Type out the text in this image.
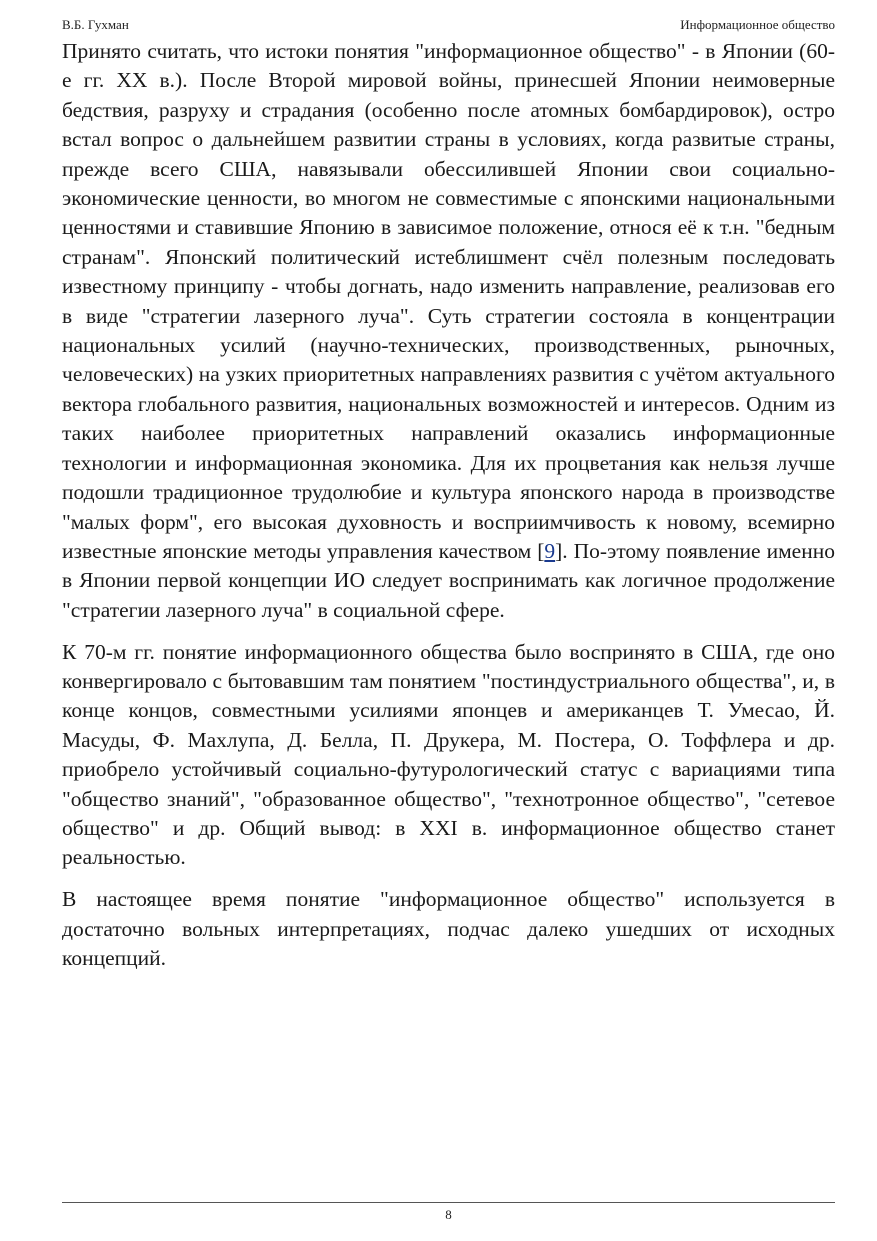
В.Б. Гухман	Информационное общество

Принято считать, что истоки понятия "информационное общество" - в Японии (60-е гг. XX в.). После Второй мировой войны, принесшей Японии неимоверные бедствия, разруху и страдания (особенно после атомных бомбардировок), остро встал вопрос о дальнейшем развитии страны в условиях, когда развитые страны, прежде всего США, навязывали обессилившей Японии свои социально-экономические ценности, во многом не совместимые с японскими национальными ценностями и ставившие Японию в зависимое положение, относя её к т.н. "бедным странам". Японский политический истеблишмент счёл полезным последовать известному принципу - чтобы догнать, надо изменить направление, реализовав его в виде "стратегии лазерного луча". Суть стратегии состояла в концентрации национальных усилий (научно-технических, производственных, рыночных, человеческих) на узких приоритетных направлениях развития с учётом актуального вектора глобального развития, национальных возможностей и интересов. Одним из таких наиболее приоритетных направлений оказались информационные технологии и информационная экономика. Для их процветания как нельзя лучше подошли традиционное трудолюбие и культура японского народа в производстве "малых форм", его высокая духовность и восприимчивость к новому, всемирно известные японские методы управления качеством [9]. По-этому появление именно в Японии первой концепции ИО следует воспринимать как логичное продолжение "стратегии лазерного луча" в социальной сфере.

К 70-м гг. понятие информационного общества было воспринято в США, где оно конвергировало с бытовавшим там понятием "постиндустриального общества", и, в конце концов, совместными усилиями японцев и американцев Т. Умесао, Й. Масуды, Ф. Махлупа, Д. Белла, П. Друкера, М. Постера, О. Тоффлера и др. приобрело устойчивый социально-футурологический статус с вариациями типа "общество знаний", "образованное общество", "технотронное общество", "сетевое общество" и др. Общий вывод: в XXI в. информационное общество станет реальностью.

В настоящее время понятие "информационное общество" используется в достаточно вольных интерпретациях, подчас далеко ушедших от исходных концепций.

8
